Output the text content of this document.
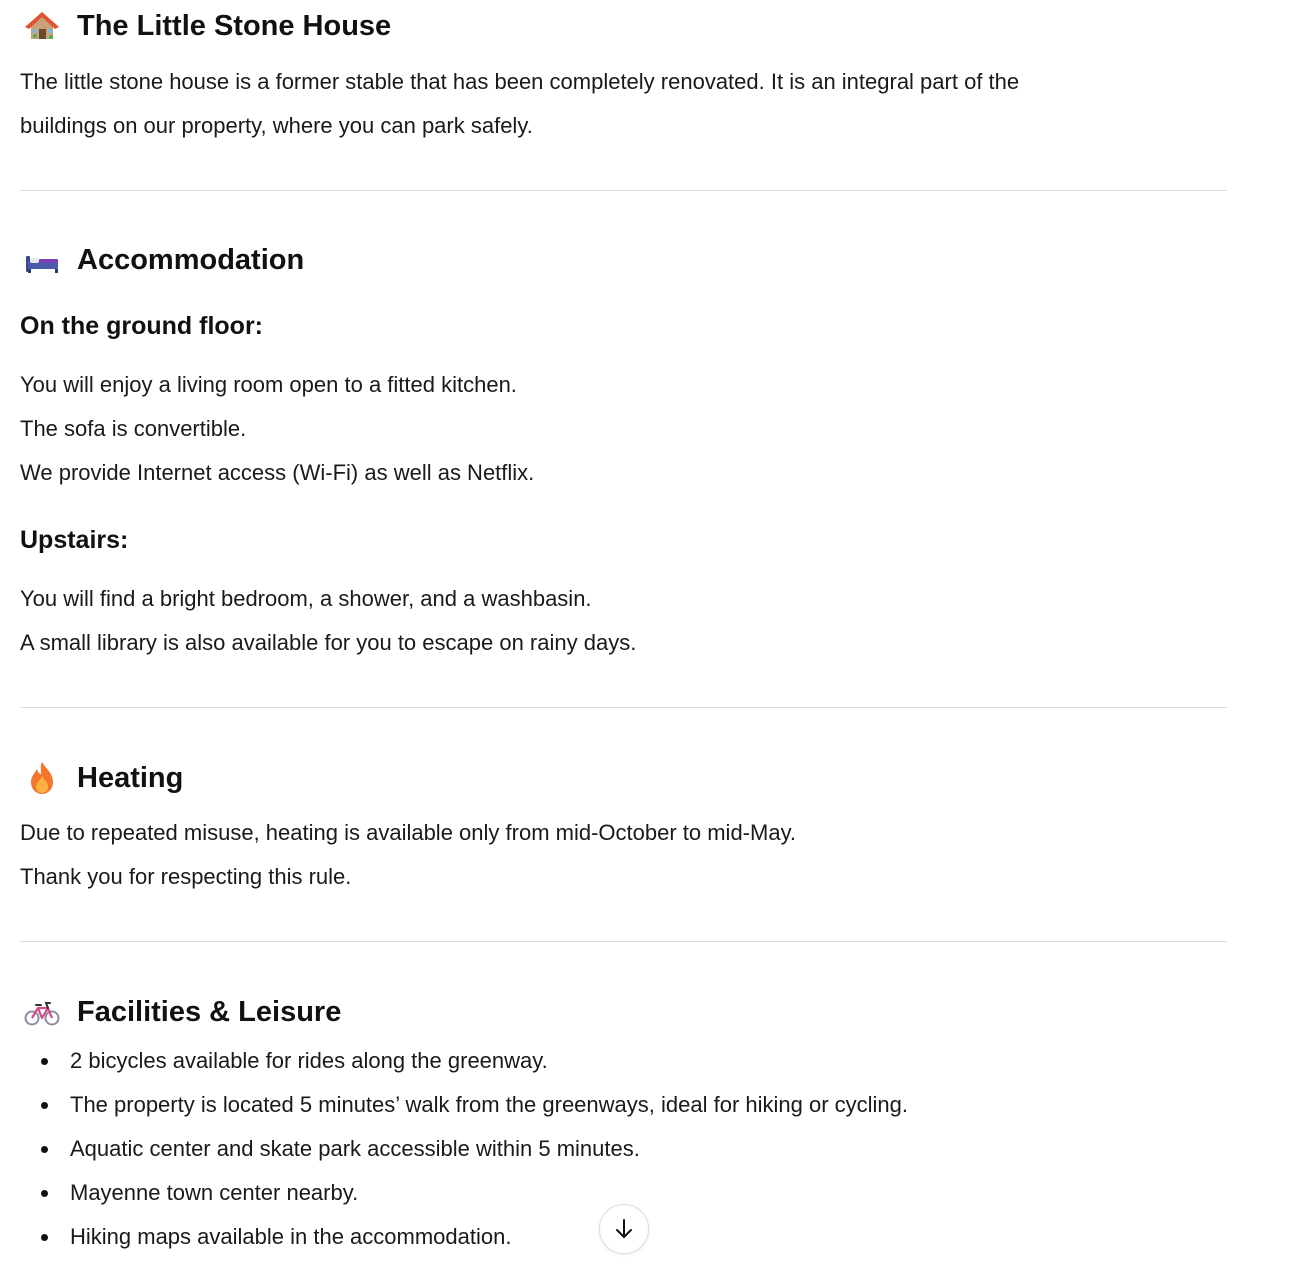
The Little Stone House

The little stone house is a former stable that has been completely renovated. It is an integral part of the

buildings on our property, where you can park safely.

Accommodation

On the ground floor:

You will enjoy a living room open to a fitted kitchen.

The sofa is convertible.

We provide Internet access (Wi-Fi) as well as Netflix.

Upstairs:

You will find a bright bedroom, a shower, and a washbasin.

A small library is also available for you to escape on rainy days.

Heating

Due to repeated misuse, heating is available only from mid-October to mid-May.

Thank you for respecting this rule.

Facilities & Leisure
2 bicycles available for rides along the greenway.
The property is located 5 minutes’ walk from the greenways, ideal for hiking or cycling.
Aquatic center and skate park accessible within 5 minutes.
Mayenne town center nearby.
Hiking maps available in the accommodation.
